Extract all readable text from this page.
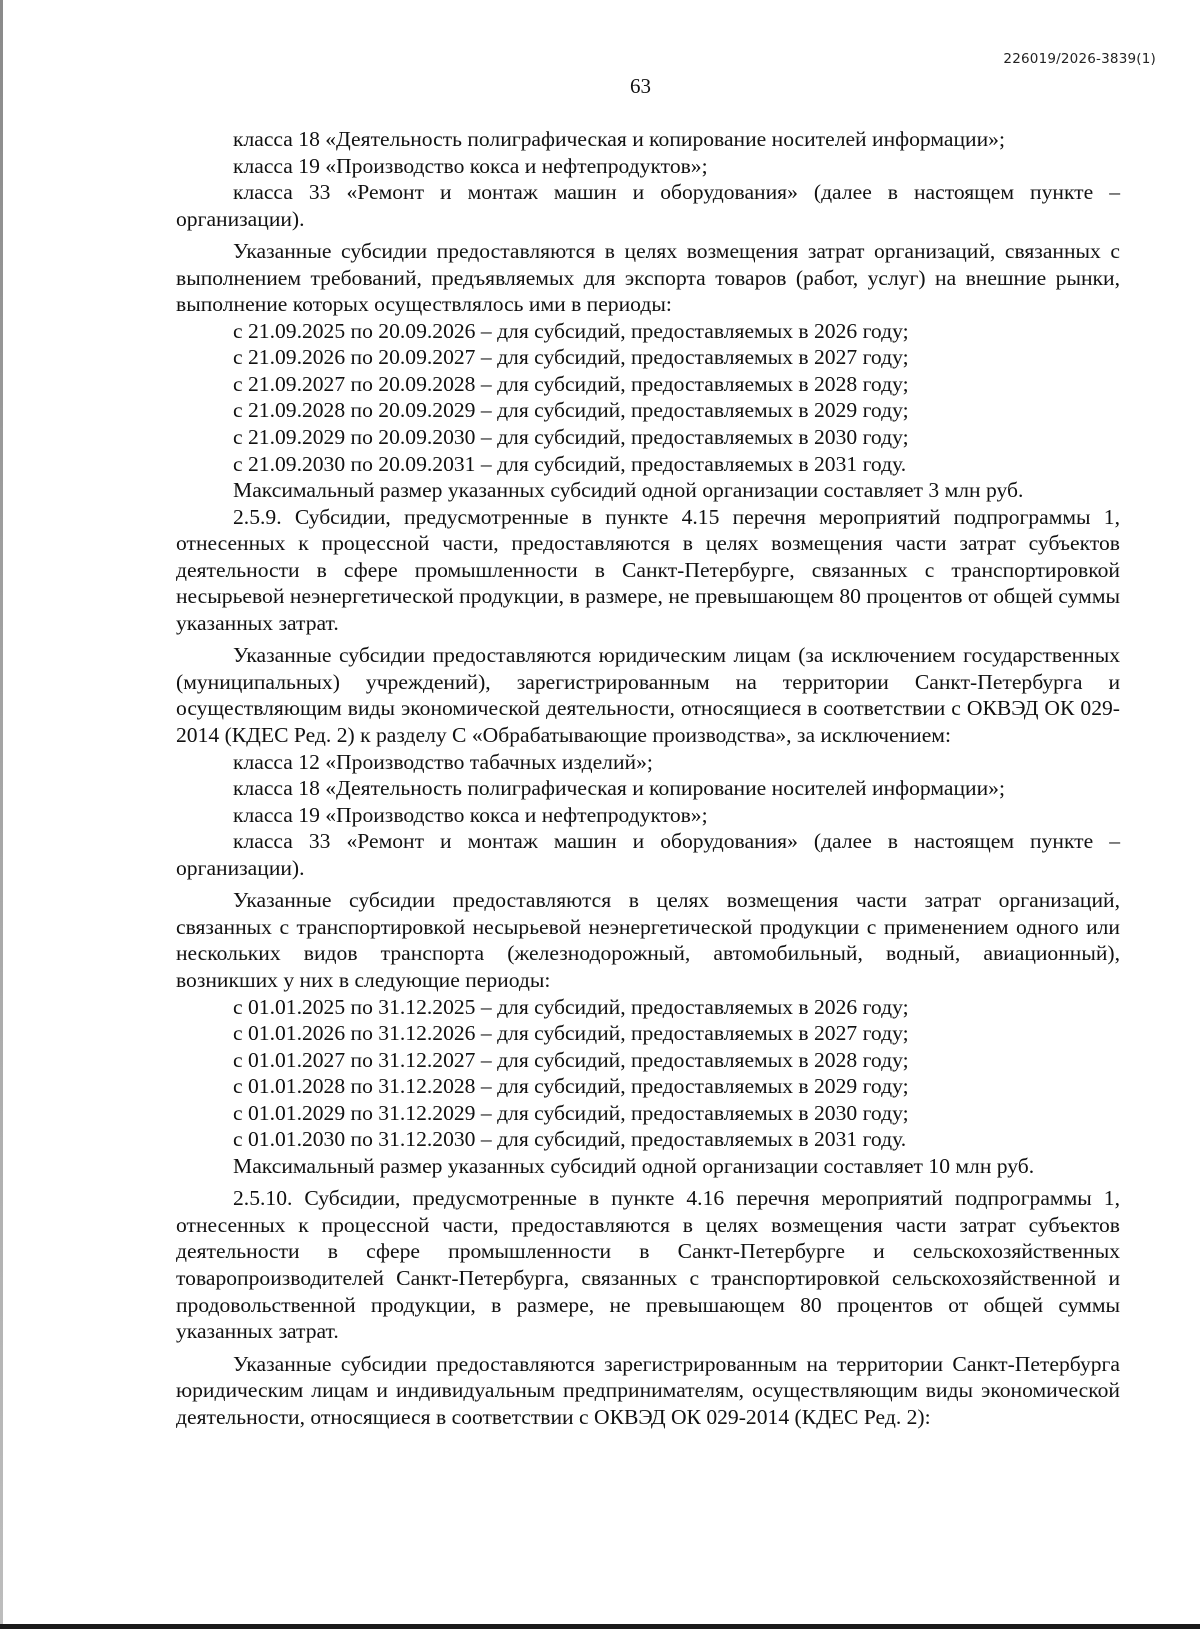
226019/2026-3839(1)
63
класса 18 «Деятельность полиграфическая и копирование носителей информации»;
класса 19 «Производство кокса и нефтепродуктов»;

класса 33 «Ремонт и монтаж машин и оборудования» (далее в настоящем пункте – организации).

Указанные субсидии предоставляются в целях возмещения затрат организаций, связанных с выполнением требований, предъявляемых для экспорта товаров (работ, услуг) на внешние рынки, выполнение которых осуществлялось ими в периоды:

с 21.09.2025 по 20.09.2026 – для субсидий, предоставляемых в 2026 году;
с 21.09.2026 по 20.09.2027 – для субсидий, предоставляемых в 2027 году;
с 21.09.2027 по 20.09.2028 – для субсидий, предоставляемых в 2028 году;
с 21.09.2028 по 20.09.2029 – для субсидий, предоставляемых в 2029 году;
с 21.09.2029 по 20.09.2030 – для субсидий, предоставляемых в 2030 году;
с 21.09.2030 по 20.09.2031 – для субсидий, предоставляемых в 2031 году.
Максимальный размер указанных субсидий одной организации составляет 3 млн руб.

2.5.9. Субсидии, предусмотренные в пункте 4.15 перечня мероприятий подпрограммы 1, отнесенных к процессной части, предоставляются в целях возмещения части затрат субъектов деятельности в сфере промышленности в Санкт-Петербурге, связанных с транспортировкой несырьевой неэнергетической продукции, в размере, не превышающем 80 процентов от общей суммы указанных затрат.

Указанные субсидии предоставляются юридическим лицам (за исключением государственных (муниципальных) учреждений), зарегистрированным на территории Санкт-Петербурга и осуществляющим виды экономической деятельности, относящиеся в соответствии с ОКВЭД ОК 029-2014 (КДЕС Ред. 2) к разделу С «Обрабатывающие производства», за исключением:

класса 12 «Производство табачных изделий»;
класса 18 «Деятельность полиграфическая и копирование носителей информации»;
класса 19 «Производство кокса и нефтепродуктов»;

класса 33 «Ремонт и монтаж машин и оборудования» (далее в настоящем пункте – организации).

Указанные субсидии предоставляются в целях возмещения части затрат организаций, связанных с транспортировкой несырьевой неэнергетической продукции с применением одного или нескольких видов транспорта (железнодорожный, автомобильный, водный, авиационный), возникших у них в следующие периоды:

с 01.01.2025 по 31.12.2025 – для субсидий, предоставляемых в 2026 году;
с 01.01.2026 по 31.12.2026 – для субсидий, предоставляемых в 2027 году;
с 01.01.2027 по 31.12.2027 – для субсидий, предоставляемых в 2028 году;
с 01.01.2028 по 31.12.2028 – для субсидий, предоставляемых в 2029 году;
с 01.01.2029 по 31.12.2029 – для субсидий, предоставляемых в 2030 году;
с 01.01.2030 по 31.12.2030 – для субсидий, предоставляемых в 2031 году.

Максимальный размер указанных субсидий одной организации составляет 10 млн руб.

2.5.10. Субсидии, предусмотренные в пункте 4.16 перечня мероприятий подпрограммы 1, отнесенных к процессной части, предоставляются в целях возмещения части затрат субъектов деятельности в сфере промышленности в Санкт-Петербурге и сельскохозяйственных товаропроизводителей Санкт-Петербурга, связанных с транспортировкой сельскохозяйственной и продовольственной продукции, в размере, не превышающем 80 процентов от общей суммы указанных затрат.

Указанные субсидии предоставляются зарегистрированным на территории Санкт-Петербурга юридическим лицам и индивидуальным предпринимателям, осуществляющим виды экономической деятельности, относящиеся в соответствии с ОКВЭД ОК 029-2014 (КДЕС Ред. 2):
